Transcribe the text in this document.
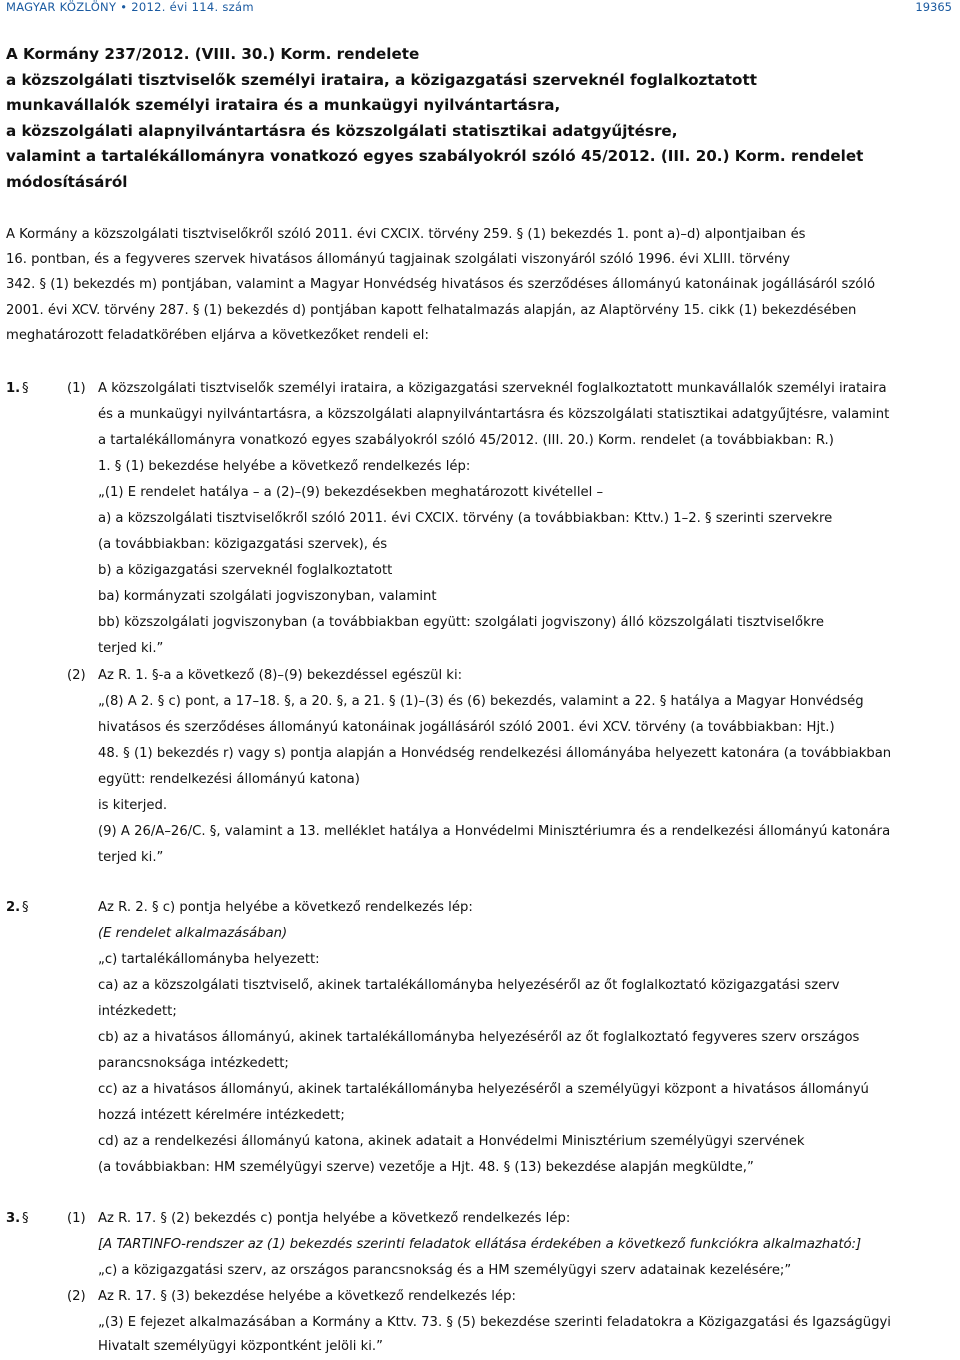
MAGYAR KÖZLÖNY • 2012. évi 114. szám	19365
A Kormány 237/2012. (VIII. 30.) Korm. rendelete a közszolgálati tisztviselők személyi irataira, a közigazgatási szerveknél foglalkoztatott munkavállalók személyi irataira és a munkaügyi nyilvántartásra, a közszolgálati alapnyilvántartásra és közszolgálati statisztikai adatgyűjtésre, valamint a tartalékállományra vonatkozó egyes szabályokról szóló 45/2012. (III. 20.) Korm. rendelet módosításáról
A Kormány a közszolgálati tisztviselőkről szóló 2011. évi CXCIX. törvény 259. § (1) bekezdés 1. pont a)–d) alpontjaiban és 16. pontban, és a fegyveres szervek hivatásos állományú tagjainak szolgálati viszonyáról szóló 1996. évi XLIII. törvény 342. § (1) bekezdés m) pontjában, valamint a Magyar Honvédség hivatásos és szerződéses állományú katonáinak jogállásáról szóló 2001. évi XCV. törvény 287. § (1) bekezdés d) pontjában kapott felhatalmazás alapján, az Alaptörvény 15. cikk (1) bekezdésében meghatározott feladatkörében eljárva a következőket rendeli el:
1. §	(1) A közszolgálati tisztviselők személyi irataira, a közigazgatási szerveknél foglalkoztatott munkavállalók személyi irataira
és a munkaügyi nyilvántartásra, a közszolgálati alapnyilvántartásra és közszolgálati statisztikai adatgyűjtésre, valamint
a tartalékállományra vonatkozó egyes szabályokról szóló 45/2012. (III. 20.) Korm. rendelet (a továbbiakban: R.)
1. § (1) bekezdése helyébe a következő rendelkezés lép:
„(1) E rendelet hatálya – a (2)–(9) bekezdésekben meghatározott kivétellel –
a) a közszolgálati tisztviselőkről szóló 2011. évi CXCIX. törvény (a továbbiakban: Kttv.) 1–2. § szerinti szervekre
(a továbbiakban: közigazgatási szervek), és
b) a közigazgatási szerveknél foglalkoztatott
ba) kormányzati szolgálati jogviszonyban, valamint
bb) közszolgálati jogviszonyban (a továbbiakban együtt: szolgálati jogviszony) álló közszolgálati tisztviselőkre
terjed ki.”
(2) Az R. 1. §-a a következő (8)–(9) bekezdéssel egészül ki:
„(8) A 2. § c) pont, a 17–18. §, a 20. §, a 21. § (1)–(3) és (6) bekezdés, valamint a 22. § hatálya a Magyar Honvédség
hivatásos és szerződéses állományú katonáinak jogállásáról szóló 2001. évi XCV. törvény (a továbbiakban: Hjt.)
48. § (1) bekezdés r) vagy s) pontja alapján a Honvédség rendelkezési állományába helyezett katonára (a továbbiakban
együtt: rendelkezési állományú katona)
is kiterjed.
(9) A 26/A–26/C. §, valamint a 13. melléklet hatálya a Honvédelmi Minisztériumra és a rendelkezési állományú katonára
terjed ki.”
2. §	Az R. 2. § c) pontja helyébe a következő rendelkezés lép:
(E rendelet alkalmazásában)
„c) tartalékállományba helyezett:
ca) az a közszolgálati tisztviselő, akinek tartalékállományba helyezéséről az őt foglalkoztató közigazgatási szerv
intézkedett;
cb) az a hivatásos állományú, akinek tartalékállományba helyezéséről az őt foglalkoztató fegyveres szerv országos
parancsnoksága intézkedett;
cc) az a hivatásos állományú, akinek tartalékállományba helyezéséről a személyügyi központ a hivatásos állományú
hozzá intézett kérelmére intézkedett;
cd) az a rendelkezési állományú katona, akinek adatait a Honvédelmi Minisztérium személyügyi szervének
(a továbbiakban: HM személyügyi szerve) vezetője a Hjt. 48. § (13) bekezdése alapján megküldte,”
3. §	(1) Az R. 17. § (2) bekezdés c) pontja helyébe a következő rendelkezés lép:
[A TARTINFO-rendszer az (1) bekezdés szerinti feladatok ellátása érdekében a következő funkciókra alkalmazható:]
„c) a közigazgatási szerv, az országos parancsnokság és a HM személyügyi szerv adatainak kezelésére;”
(2) Az R. 17. § (3) bekezdése helyébe a következő rendelkezés lép:
„(3) E fejezet alkalmazásában a Kormány a Kttv. 73. § (5) bekezdése szerinti feladatokra a Közigazgatási és Igazságügyi
Hivatalt személyügyi központként jelöli ki.”
